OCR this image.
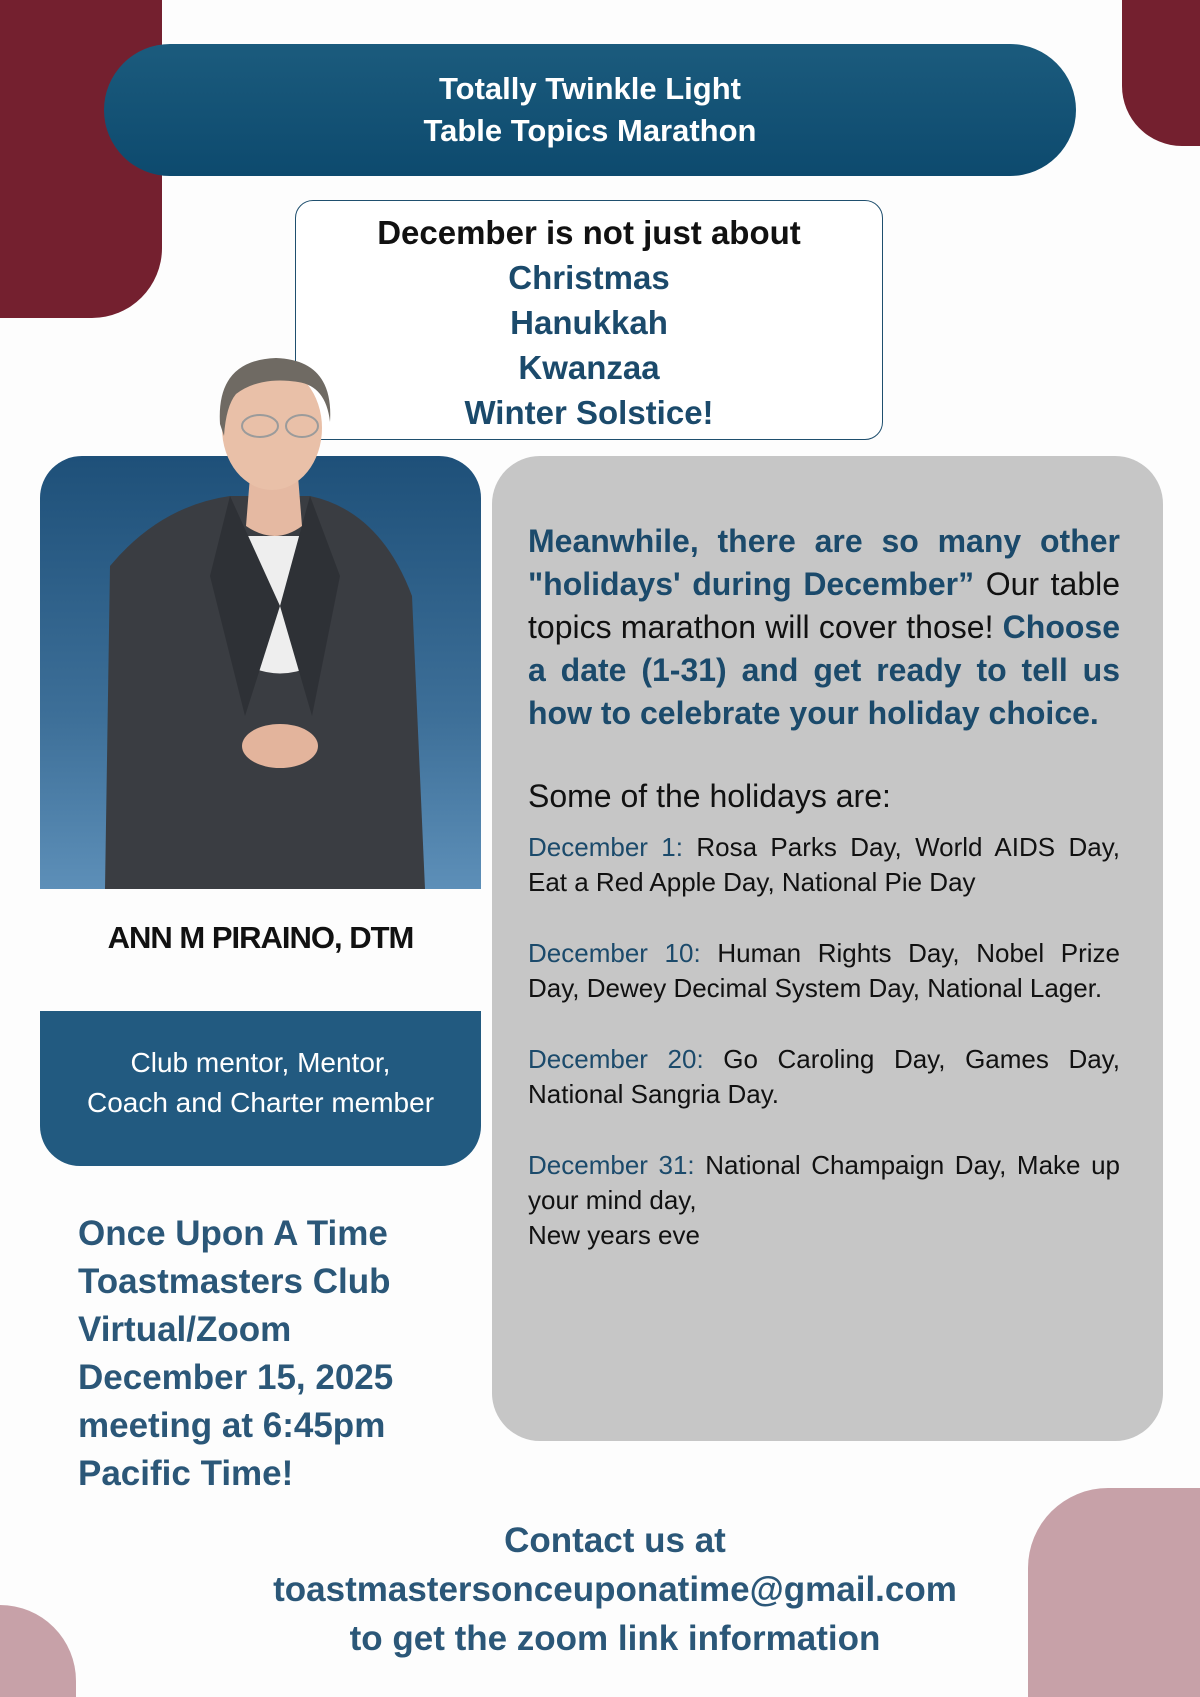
Totally Twinkle Light
Table Topics Marathon
December is not just about
Christmas
Hanukkah
Kwanzaa
Winter Solstice!
ANN M PIRAINO, DTM
Club mentor, Mentor,
Coach and Charter member
Once Upon A Time
Toastmasters Club
Virtual/Zoom
December 15, 2025
meeting at 6:45pm
Pacific Time!
Meanwhile, there are so many other "holidays' during December” Our table topics marathon will cover those! Choose a date (1-31) and get ready to tell us how to celebrate your holiday choice.
Some of the holidays are:
December 1: Rosa Parks Day, World AIDS Day, Eat a Red Apple Day, National Pie Day
December 10: Human Rights Day, Nobel Prize Day, Dewey Decimal System Day, National Lager.
December 20: Go Caroling Day, Games Day, National Sangria Day.
December 31: National Champaign Day, Make up your mind day,
New years eve
Contact us at
toastmastersonceuponatime@gmail.com
to get the zoom link information
